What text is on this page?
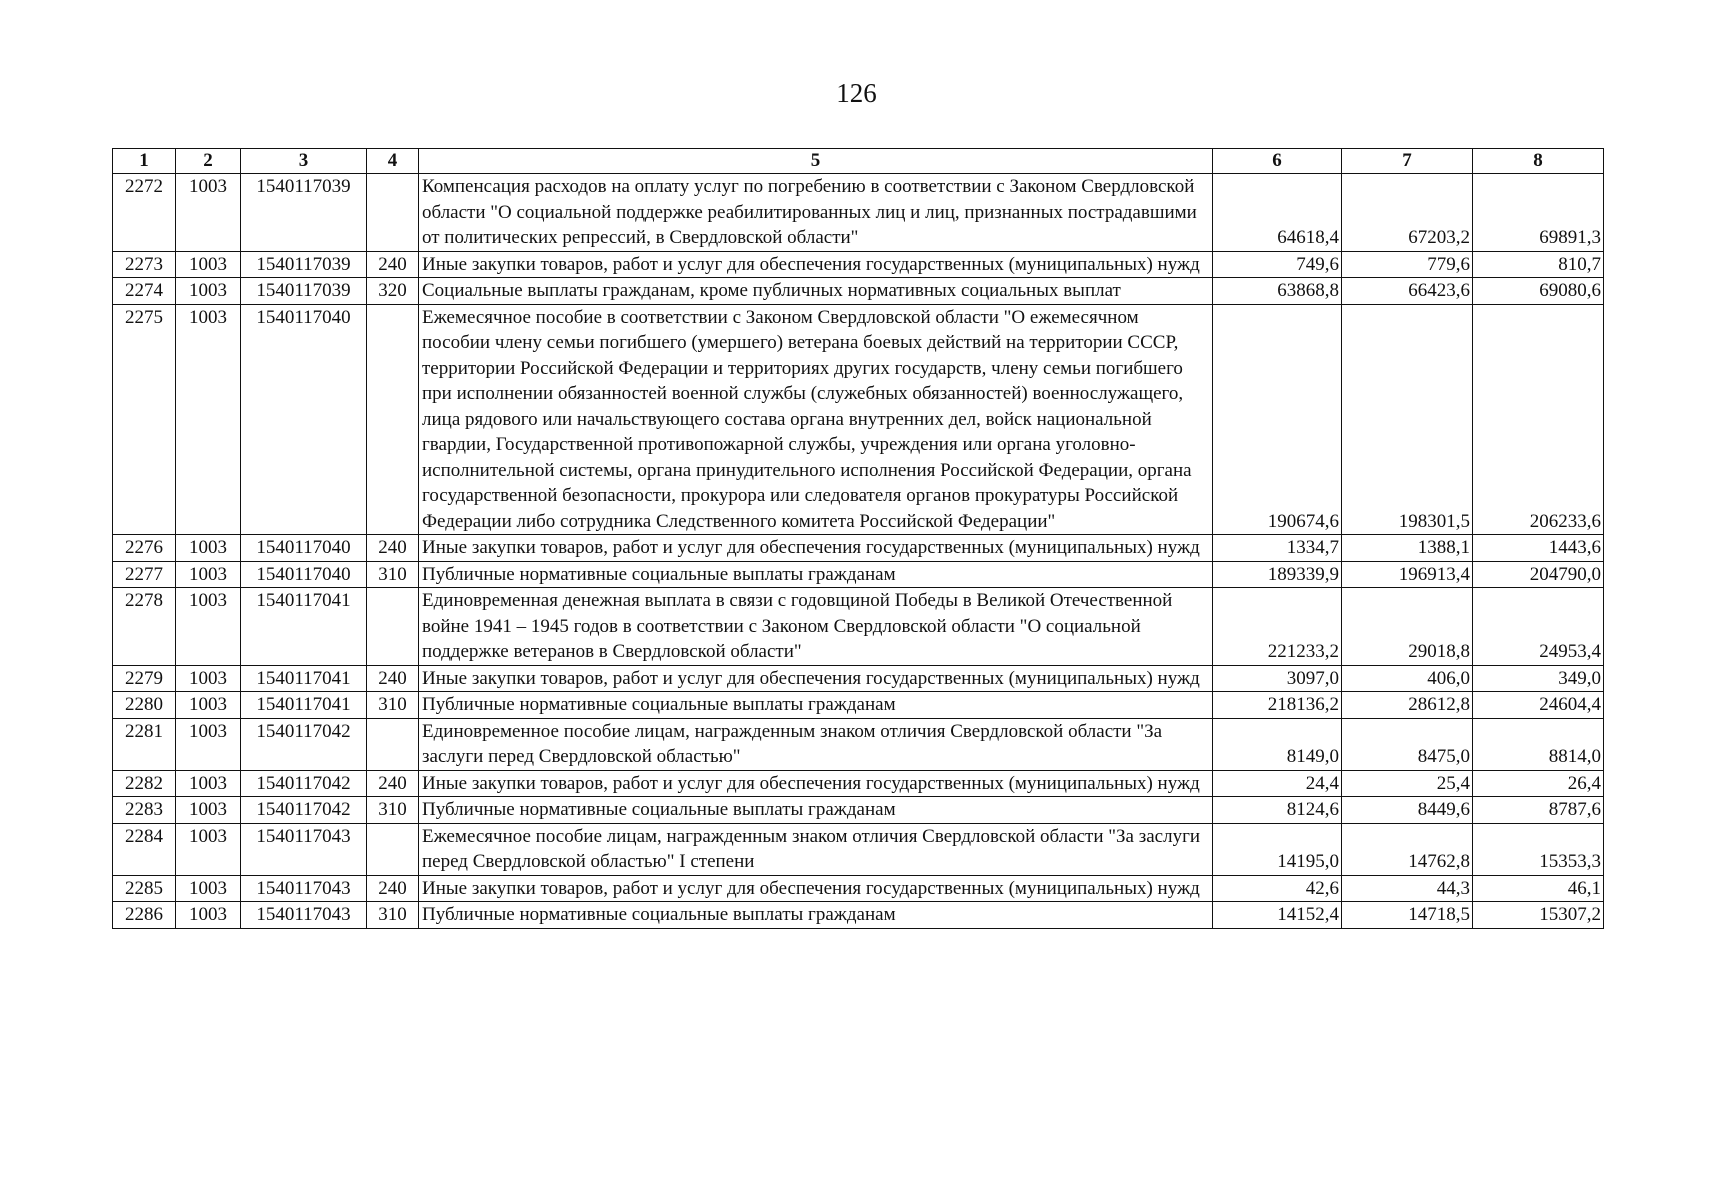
126
1	2	3	4	5	6	7	8
2272	1003	1540117039		Компенсация расходов на оплату услуг по погребению в соответствии с Законом Свердловской области "О социальной поддержке реабилитированных лиц и лиц, признанных пострадавшими от политических репрессий, в Свердловской области"	64618,4	67203,2	69891,3
2273	1003	1540117039	240	Иные закупки товаров, работ и услуг для обеспечения государственных (муниципальных) нужд	749,6	779,6	810,7
2274	1003	1540117039	320	Социальные выплаты гражданам, кроме публичных нормативных социальных выплат	63868,8	66423,6	69080,6
2275	1003	1540117040		Ежемесячное пособие в соответствии с Законом Свердловской области "О ежемесячном пособии члену семьи погибшего (умершего) ветерана боевых действий на территории СССР, территории Российской Федерации и территориях других государств, члену семьи погибшего при исполнении обязанностей военной службы (служебных обязанностей) военнослужащего, лица рядового или начальствующего состава органа внутренних дел, войск национальной гвардии, Государственной противопожарной службы, учреждения или органа уголовно-исполнительной системы, органа принудительного исполнения Российской Федерации, органа государственной безопасности, прокурора или следователя органов прокуратуры Российской Федерации либо сотрудника Следственного комитета Российской Федерации"	190674,6	198301,5	206233,6
2276	1003	1540117040	240	Иные закупки товаров, работ и услуг для обеспечения государственных (муниципальных) нужд	1334,7	1388,1	1443,6
2277	1003	1540117040	310	Публичные нормативные социальные выплаты гражданам	189339,9	196913,4	204790,0
2278	1003	1540117041		Единовременная денежная выплата в связи с годовщиной Победы в Великой Отечественной войне 1941 – 1945 годов в соответствии с Законом Свердловской области "О социальной поддержке ветеранов в Свердловской области"	221233,2	29018,8	24953,4
2279	1003	1540117041	240	Иные закупки товаров, работ и услуг для обеспечения государственных (муниципальных) нужд	3097,0	406,0	349,0
2280	1003	1540117041	310	Публичные нормативные социальные выплаты гражданам	218136,2	28612,8	24604,4
2281	1003	1540117042		Единовременное пособие лицам, награжденным знаком отличия Свердловской области "За заслуги перед Свердловской областью"	8149,0	8475,0	8814,0
2282	1003	1540117042	240	Иные закупки товаров, работ и услуг для обеспечения государственных (муниципальных) нужд	24,4	25,4	26,4
2283	1003	1540117042	310	Публичные нормативные социальные выплаты гражданам	8124,6	8449,6	8787,6
2284	1003	1540117043		Ежемесячное пособие лицам, награжденным знаком отличия Свердловской области "За заслуги перед Свердловской областью" I степени	14195,0	14762,8	15353,3
2285	1003	1540117043	240	Иные закупки товаров, работ и услуг для обеспечения государственных (муниципальных) нужд	42,6	44,3	46,1
2286	1003	1540117043	310	Публичные нормативные социальные выплаты гражданам	14152,4	14718,5	15307,2
